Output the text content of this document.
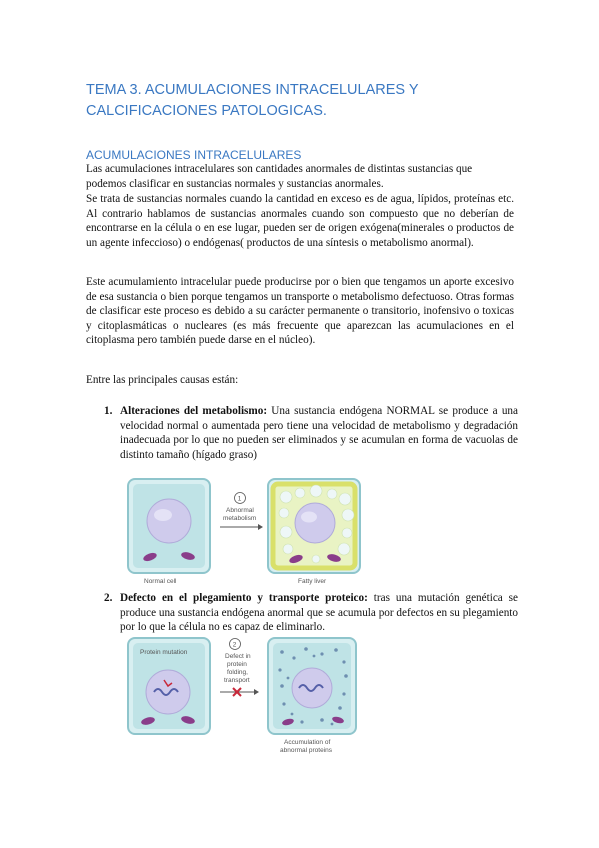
TEMA 3. ACUMULACIONES INTRACELULARES Y
CALCIFICACIONES PATOLOGICAS.
ACUMULACIONES INTRACELULARES

Las acumulaciones intracelulares son cantidades anormales de distintas sustancias que podemos clasificar en sustancias normales y sustancias anormales.

Se trata de sustancias normales cuando la cantidad en exceso es de agua, lípidos, proteínas etc. Al contrario hablamos de sustancias anormales cuando son compuesto que no deberían de encontrarse en la célula o en ese lugar, pueden ser de origen exógena(minerales o productos de un agente infeccioso) o endógenas( productos de una síntesis o metabolismo anormal).

Este acumulamiento intracelular puede producirse por o bien que tengamos un aporte excesivo de esa sustancia o bien porque tengamos un transporte o metabolismo defectuoso. Otras formas de clasificar este proceso es debido a su carácter permanente o transitorio, inofensivo o toxicas y citoplasmáticas o nucleares (es más frecuente que aparezcan las acumulaciones en el citoplasma pero también puede darse en el núcleo).

Entre las principales causas están:

1. Alteraciones del metabolismo: Una sustancia endógena NORMAL se produce a una velocidad normal o aumentada pero tiene una velocidad de metabolismo y degradación inadecuada por lo que no pueden ser eliminados y se acumulan en forma de vacuolas de distinto tamaño (hígado graso)
Normal cell
1
Abnormal
metabolism
Fatty liver
2. Defecto en el plegamiento y transporte proteico: tras una mutación genética se produce una sustancia endógena anormal que se acumula por defectos en su plegamiento por lo que la célula no es capaz de eliminarlo.
Protein mutation
2
Defect in
protein
folding,
transport
Accumulation of
abnormal proteins
